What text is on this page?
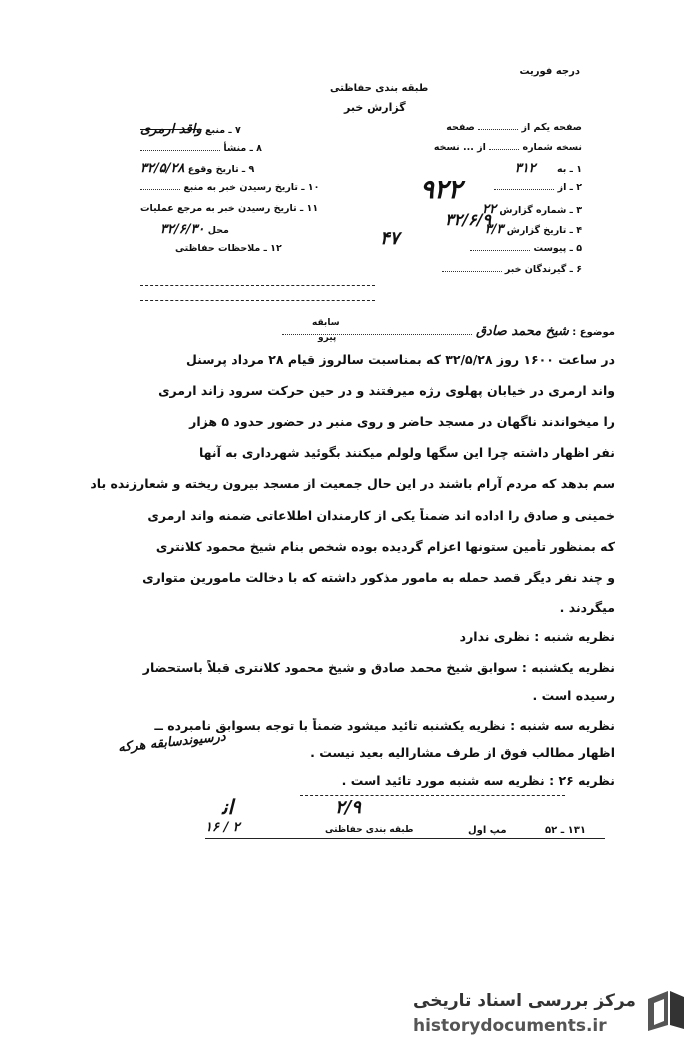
درجه فوریت
طبقه بندی حفاظتی
گزارش خبر
۷ ـ منبع واقد ارمری
۸ ـ منشأ
۹ ـ تاریخ وقوع ۳۲/۵/۲۸
۱۰ ـ تاریخ رسیدن خبر به منبع
۱۱ ـ تاریخ رسیدن خبر به مرجع عملیات
محل ۳۲/۶/۳۰
۱۲ ـ ملاحظات حفاظتی
صفحه یکم از  صفحه
نسخه شماره  از ... نسخه
۱ ـ به ۳۱۲
۲ ـ از
۳ ـ شماره گزارش ۲۲
۴ ـ تاریخ گزارش ۳/۳
۵ ـ پیوست
۶ ـ گیرندگان خبر
۹۲۲
۴۷
۳۲/۶/۹
موضوع : شیخ محمد صادق
سابقه
پیرو
در ساعت ۱۶۰۰ روز ۳۲/۵/۲۸ که بمناسبت سالروز قیام ۲۸ مرداد پرسنل
واند ارمری در خیابان پهلوی رژه میرفتند و در حین حرکت سرود زاند ارمری
را میخواندند ناگهان در مسجد حاضر و روی منبر در حضور حدود ۵ هزار
نفر اظهار داشته چرا این سگها ولولم میکنند بگوئید شهرداری به آنها
سم بدهد که مردم آرام باشند در این حال جمعیت از مسجد بیرون ریخته و شعارزنده باد
خمینی و صادق را اداده اند ضمناً یکی از کارمندان اطلاعاتی ضمنه واند ارمری
که بمنظور تأمین ستونها اعزام گردیده بوده شخص بنام شیخ محمود کلانتری
و چند نفر دیگر قصد حمله به مامور مذکور داشته که با دخالت مامورین متواری
میگردند .
نظریه شنبه : نظری ندارد
نظریه یکشنبه : سوابق شیخ محمد صادق و شیخ محمود کلانتری قبلاً باستحضار
رسیده است .
نظریه سه شنبه : نظریه یکشنبه تائید میشود ضمناً با توجه بسوابق نامبرده ــ
اظهار مطالب فوق از طرف مشارالیه بعید نیست .
نظریه ۲۶ : نظریه سه شنبه مورد تائید است .
درسیوندسابقه هرکه
ﺍﻧ	۲/۹
۱۳۱ ـ ۵۲
مپ اول
طبقه بندی حفاظتی
۱۶ / ۲
مرکز بررسی اسناد تاریخی
historydocuments.ir
